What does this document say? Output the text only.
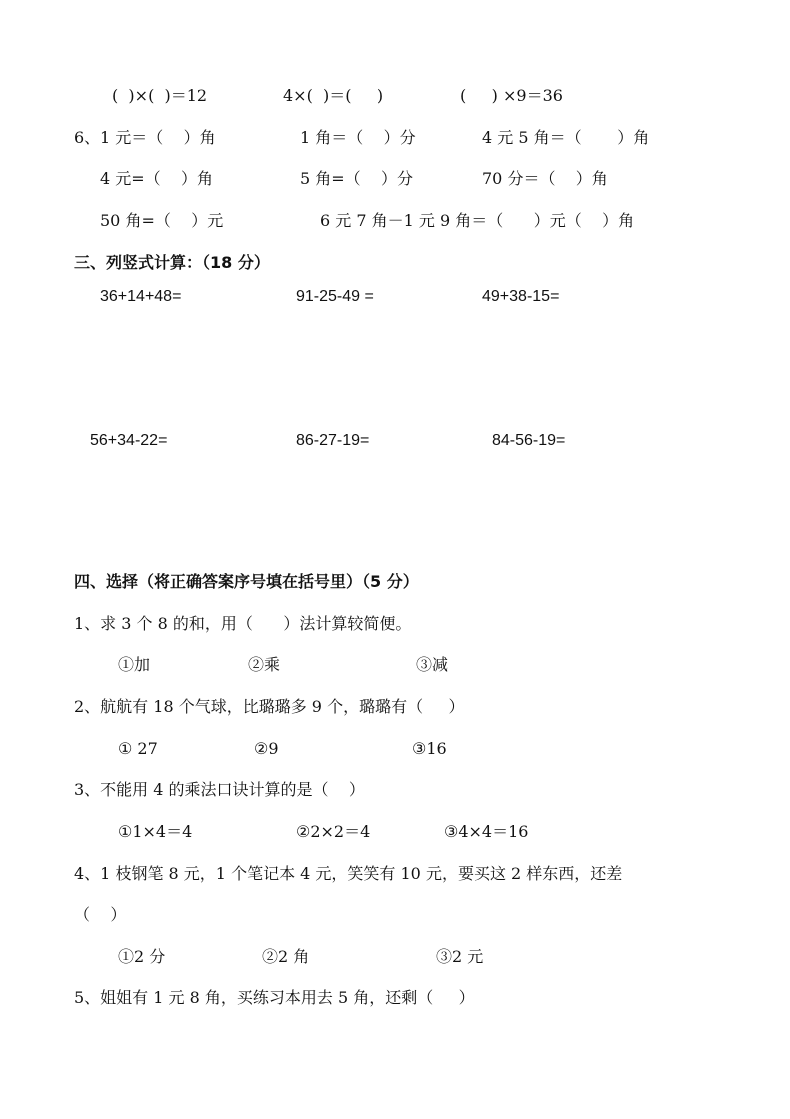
(  )×(  )＝12	4×(  )＝(     )	(     ) ×9＝36
6、 1 元＝（    ）角	1 角＝（    ）分	4 元 5 角＝（       ）角
4 元=（    ）角	5 角=（    ）分	70 分＝（    ）角
50 角=（    ）元	6 元 7 角－1 元 9 角＝（      ）元（    ）角
三、列竖式计算：（18 分）
36+14+48=	91-25-49 =	49+38-15=
56+34-22=	86-27-19=	84-56-19=
四、选择（将正确答案序号填在括号里）（5 分）
1、求 3 个 8 的和，用（      ）法计算较简便。
①加	②乘	③减
2、航航有 18 个气球，比璐璐多 9 个，璐璐有（     ）
① 27	②9	③16
3、不能用 4 的乘法口诀计算的是（    ）
①1×4＝4	②2×2＝4	③4×4＝16
4、1 枝钢笔 8 元，1 个笔记本 4 元，笑笑有 10 元，要买这 2 样东西，还差
（    ）
①2 分	②2 角	③2 元
5、姐姐有 1 元 8 角，买练习本用去 5 角，还剩（     ）
